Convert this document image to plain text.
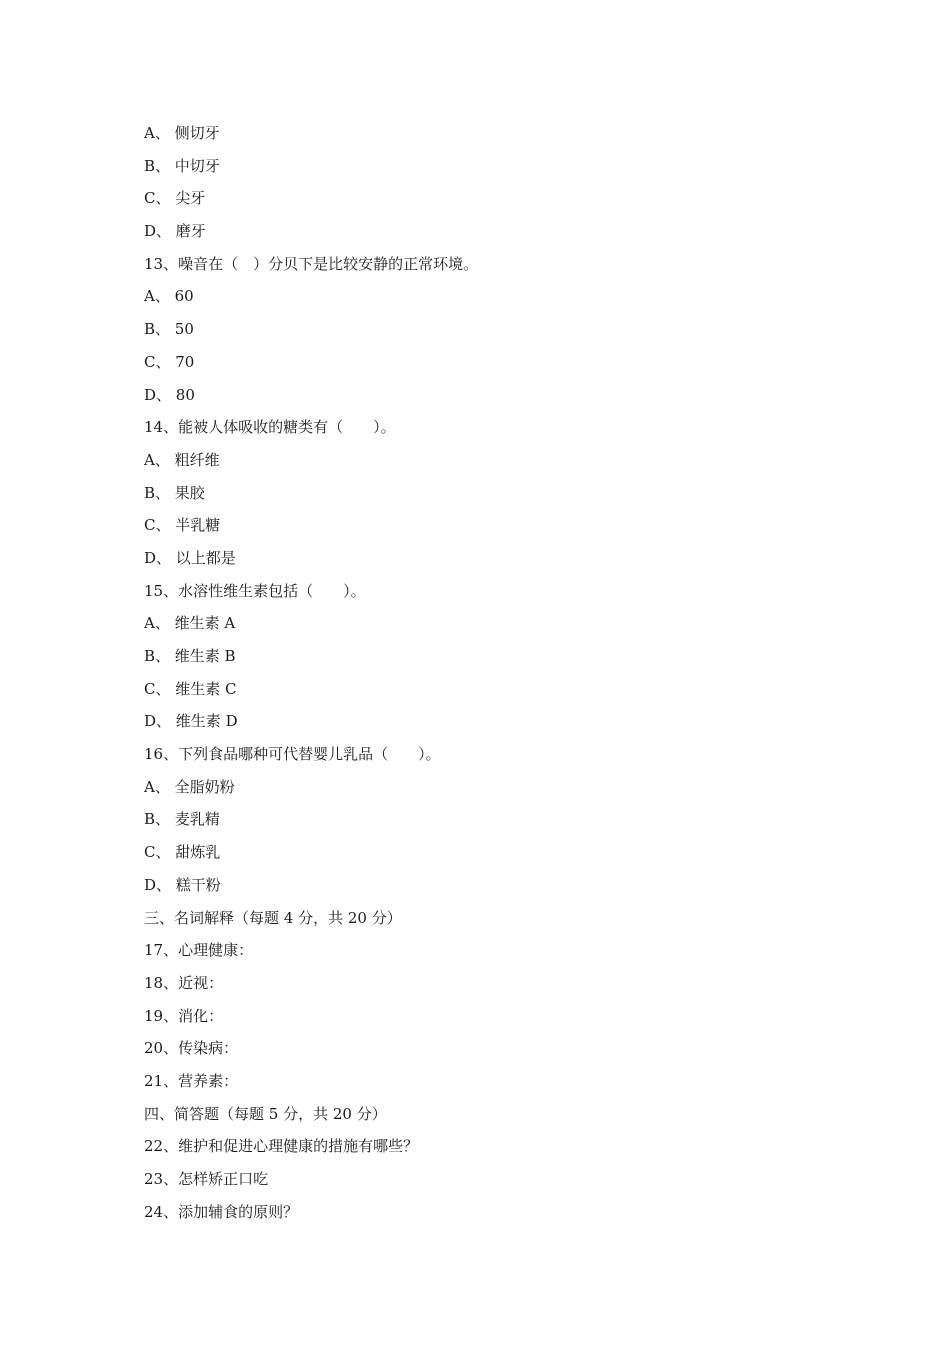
A、 侧切牙
B、 中切牙
C、 尖牙
D、 磨牙
13、噪音在（　）分贝下是比较安静的正常环境。
A、 60
B、 50
C、 70
D、 80
14、能被人体吸收的糖类有（　　）。
A、 粗纤维
B、 果胶
C、 半乳糖
D、 以上都是
15、水溶性维生素包括（　　）。
A、 维生素 A
B、 维生素 B
C、 维生素 C
D、 维生素 D
16、下列食品哪种可代替婴儿乳品（　　）。
A、 全脂奶粉
B、 麦乳精
C、 甜炼乳
D、 糕干粉
三、名词解释（每题 4 分，共 20 分）
17、心理健康：
18、近视：
19、消化：
20、传染病：
21、营养素：
四、简答题（每题 5 分，共 20 分）
22、维护和促进心理健康的措施有哪些？
23、怎样矫正口吃
24、添加辅食的原则？
